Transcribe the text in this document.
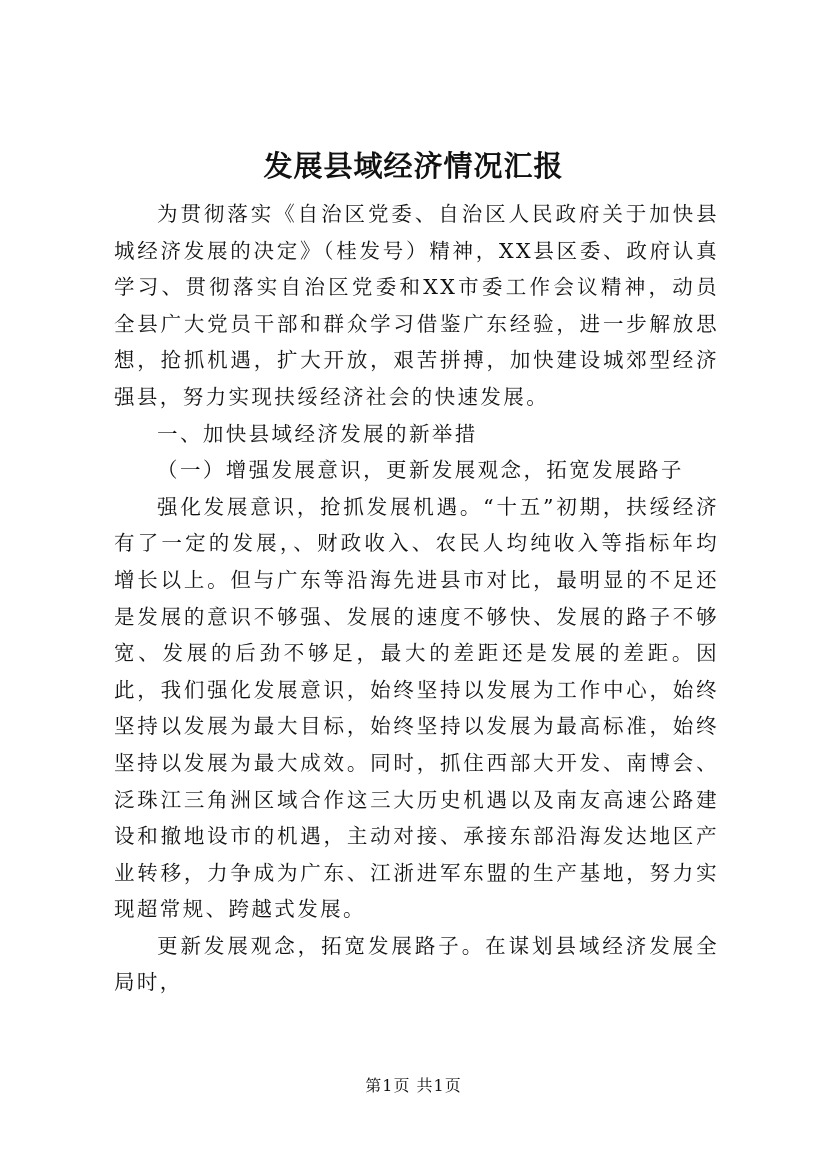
发展县域经济情况汇报

为贯彻落实《自治区党委、自治区人民政府关于加快县城经济发展的决定》（桂发号）精神，XX县区委、政府认真学习、贯彻落实自治区党委和XX市委工作会议精神，动员全县广大党员干部和群众学习借鉴广东经验，进一步解放思想，抢抓机遇，扩大开放，艰苦拼搏，加快建设城郊型经济强县，努力实现扶绥经济社会的快速发展。

一、加快县域经济发展的新举措

（一）增强发展意识，更新发展观念，拓宽发展路子

强化发展意识，抢抓发展机遇。“十五”初期，扶绥经济有了一定的发展，、财政收入、农民人均纯收入等指标年均增长以上。但与广东等沿海先进县市对比，最明显的不足还是发展的意识不够强、发展的速度不够快、发展的路子不够宽、发展的后劲不够足，最大的差距还是发展的差距。因此，我们强化发展意识，始终坚持以发展为工作中心，始终坚持以发展为最大目标，始终坚持以发展为最高标准，始终坚持以发展为最大成效。同时，抓住西部大开发、南博会、泛珠江三角洲区域合作这三大历史机遇以及南友高速公路建设和撤地设市的机遇，主动对接、承接东部沿海发达地区产业转移，力争成为广东、江浙进军东盟的生产基地，努力实现超常规、跨越式发展。

更新发展观念，拓宽发展路子。在谋划县域经济发展全局时，

第1页 共1页
